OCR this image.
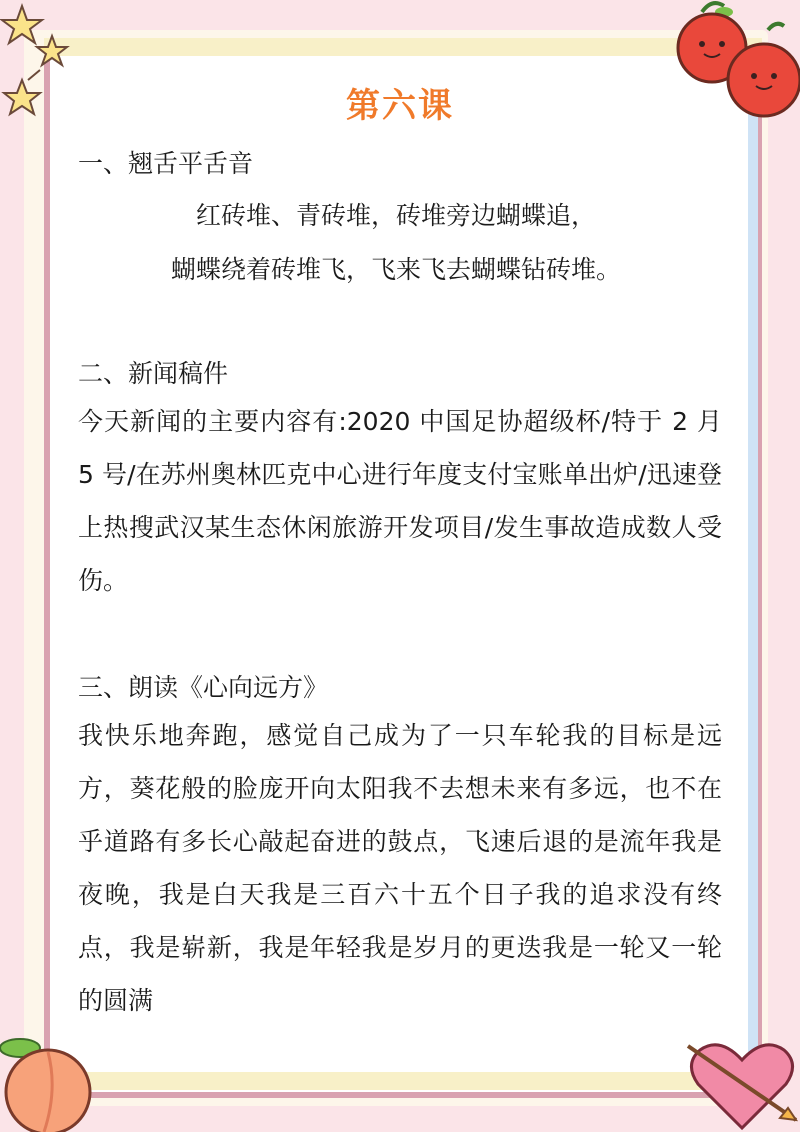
第六课
一、翘舌平舌音
红砖堆、青砖堆，砖堆旁边蝴蝶追，
蝴蝶绕着砖堆飞，飞来飞去蝴蝶钻砖堆。
二、新闻稿件

今天新闻的主要内容有:2020 中国足协超级杯/特于 2 月 5 号/在苏州奥林匹克中心进行年度支付宝账单出炉/迅速登上热搜武汉某生态休闲旅游开发项目/发生事故造成数人受伤。

三、朗读《心向远方》

我快乐地奔跑，感觉自己成为了一只车轮我的目标是远方，葵花般的脸庞开向太阳我不去想未来有多远，也不在乎道路有多长心敲起奋进的鼓点，飞速后退的是流年我是夜晚，我是白天我是三百六十五个日子我的追求没有终点，我是崭新，我是年轻我是岁月的更迭我是一轮又一轮的圆满
